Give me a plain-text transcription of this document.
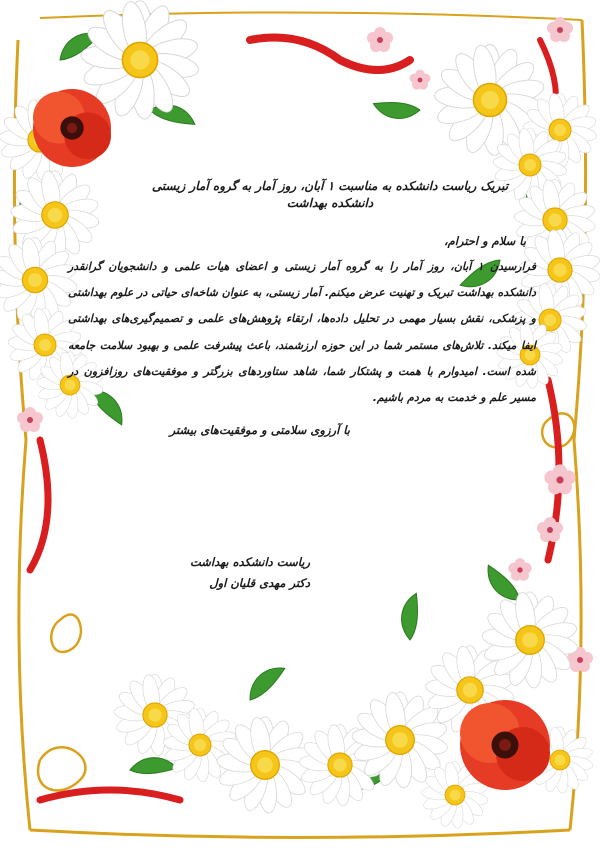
تبریک ریاست دانشکده به مناسبت ۱ آبان، روز آمار به گروه آمار زیستی دانشکده بهداشت
با سلام و احترام،
فرارسیدن ۱ آبان، روز آمار را به گروه آمار زیستی و اعضای هیات علمی و دانشجویان گرانقدر دانشکده بهداشت تبریک و تهنیت عرض میکنم. آمار زیستی، به عنوان شاخه‌ای حیاتی در علوم بهداشتی و پزشکی، نقش بسیار مهمی در تحلیل داده‌ها، ارتقاء پژوهش‌های علمی و تصمیم‌گیری‌های بهداشتی ایفا میکند. تلاش‌های مستمر شما در این حوزه ارزشمند، باعث پیشرفت علمی و بهبود سلامت جامعه شده است. امیدوارم با همت و پشتکار شما، شاهد ستاوردهای بزرگتر و موفقیت‌های روزافزون در مسیر علم و خدمت به مردم باشیم.
با آرزوی سلامتی و موفقیت‌های بیشتر
ریاست دانشکده بهداشت
دکتر مهدی قلیان اول
